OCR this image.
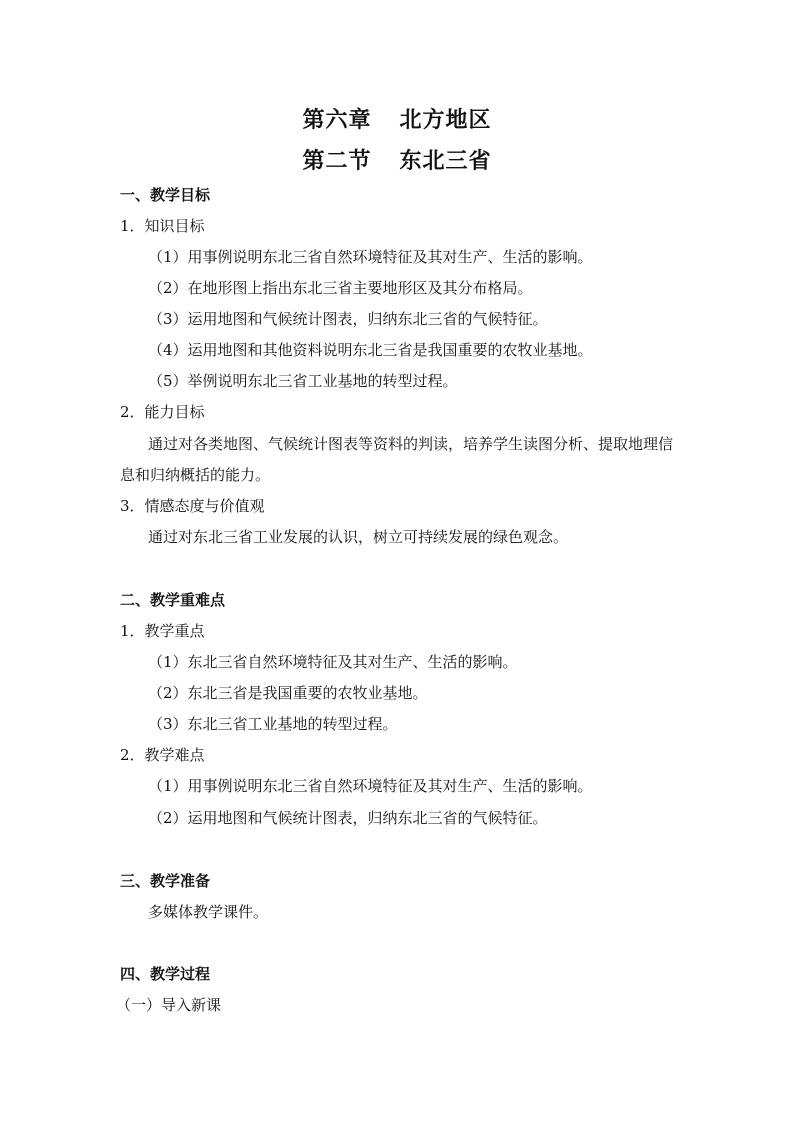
第六章 北方地区
第二节 东北三省
一、教学目标
1．知识目标
（1）用事例说明东北三省自然环境特征及其对生产、生活的影响。
（2）在地形图上指出东北三省主要地形区及其分布格局。
（3）运用地图和气候统计图表，归纳东北三省的气候特征。
（4）运用地图和其他资料说明东北三省是我国重要的农牧业基地。
（5）举例说明东北三省工业基地的转型过程。
2．能力目标
通过对各类地图、气候统计图表等资料的判读，培养学生读图分析、提取地理信息和归纳概括的能力。
3．情感态度与价值观
通过对东北三省工业发展的认识，树立可持续发展的绿色观念。
二、教学重难点
1．教学重点
（1）东北三省自然环境特征及其对生产、生活的影响。
（2）东北三省是我国重要的农牧业基地。
（3）东北三省工业基地的转型过程。
2．教学难点
（1）用事例说明东北三省自然环境特征及其对生产、生活的影响。
（2）运用地图和气候统计图表，归纳东北三省的气候特征。
三、教学准备
多媒体教学课件。
四、教学过程
（一）导入新课
